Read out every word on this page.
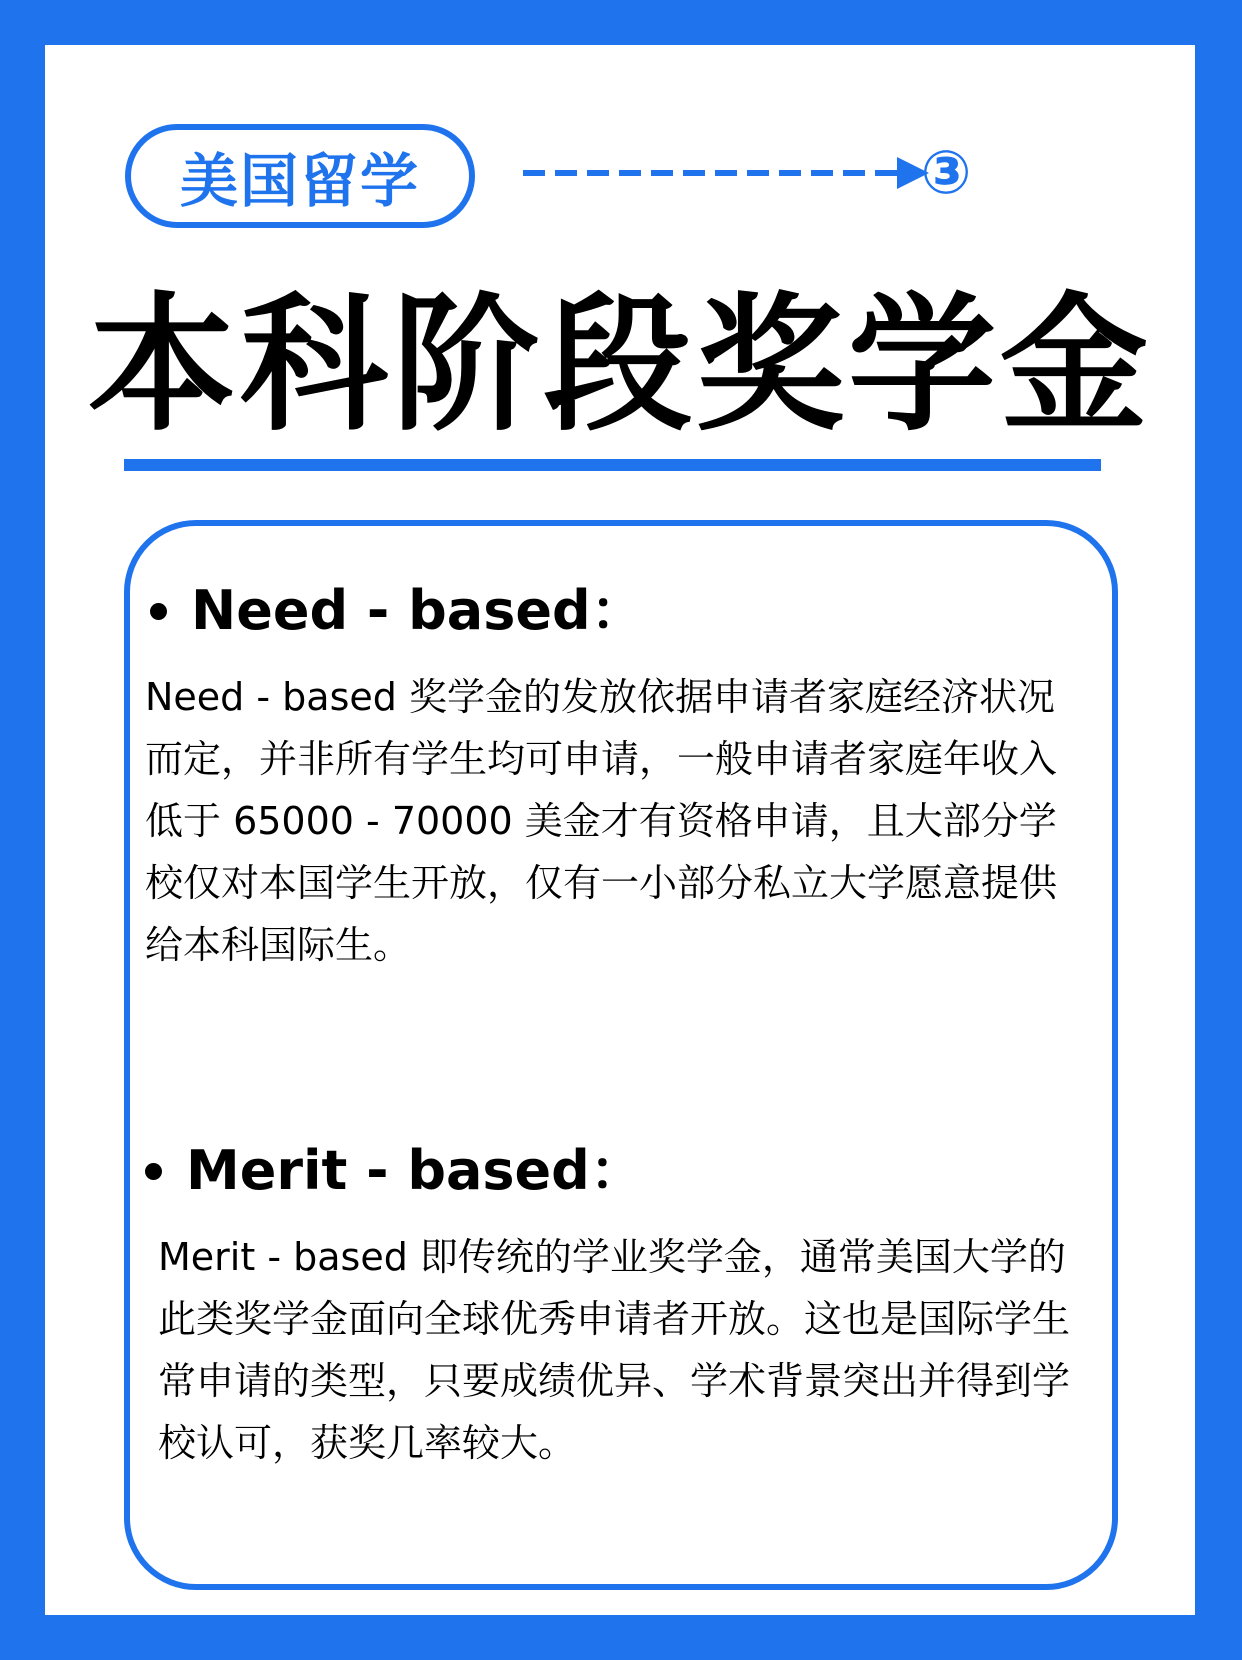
美国留学	③
本科阶段奖学金
Need - based：
Need - based 奖学金的发放依据申请者家庭经济状况而定，并非所有学生均可申请，一般申请者家庭年收入低于 65000 - 70000 美金才有资格申请，且大部分学校仅对本国学生开放，仅有一小部分私立大学愿意提供给本科国际生。
Merit - based：
Merit - based 即传统的学业奖学金，通常美国大学的此类奖学金面向全球优秀申请者开放。这也是国际学生常申请的类型，只要成绩优异、学术背景突出并得到学校认可，获奖几率较大。
